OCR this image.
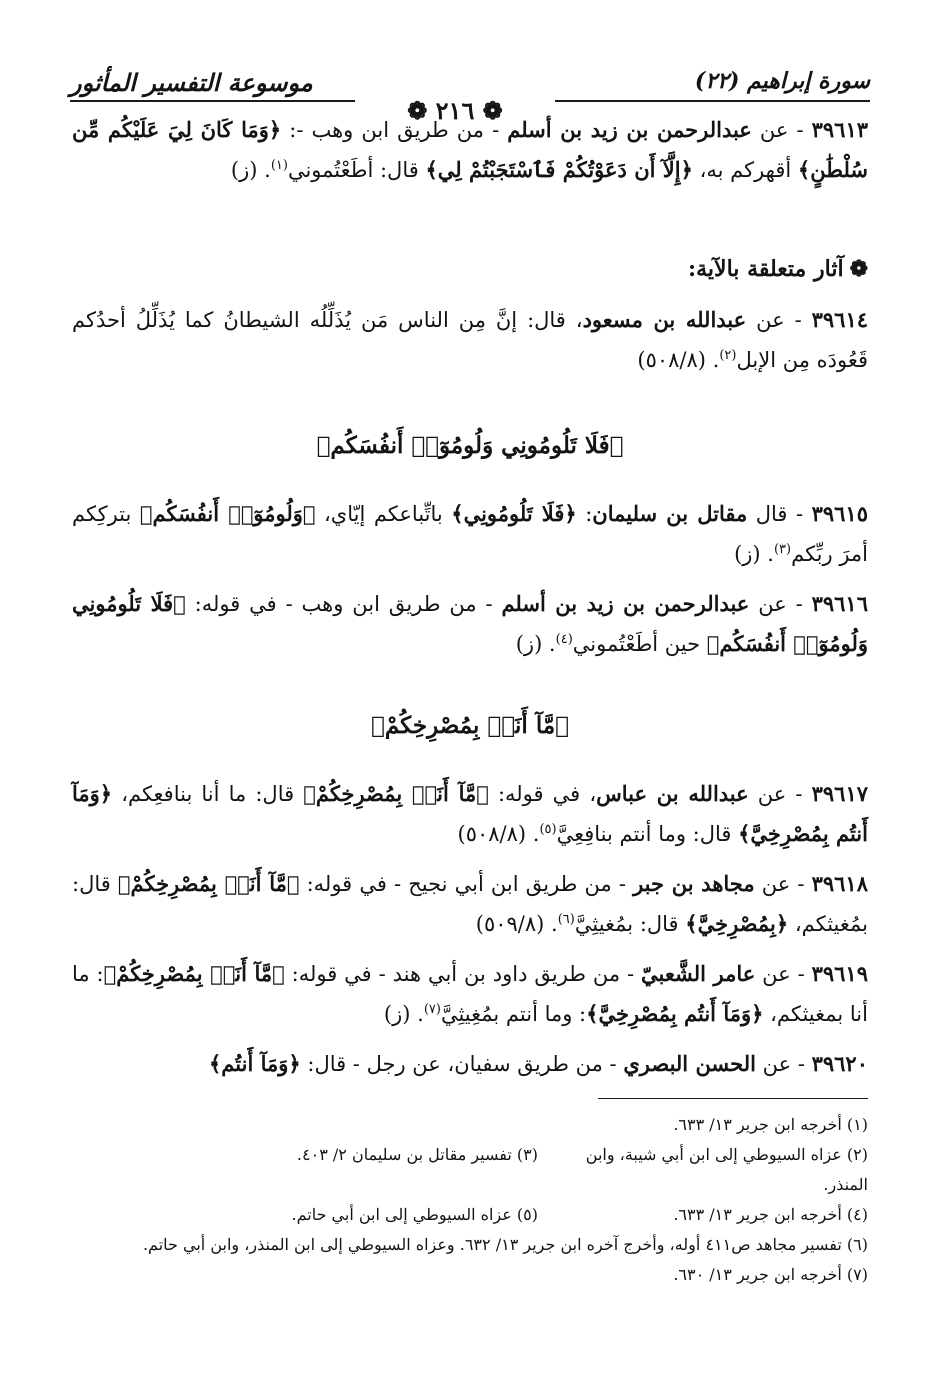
موسوعة التفسير المأثور	سورة إبراهيم (٢٢)
❁ ٢١٦ ❁

٣٩٦١٣ - عن عبدالرحمن بن زيد بن أسلم - من طريق ابن وهب -: ﴿وَمَا كَانَ لِيَ عَلَيْكُم مِّن سُلْطَٰنٍ﴾ أقهركم به، ﴿إِلَّآ أَن دَعَوْتُكُمْ فَٱسْتَجَبْتُمْ لِي﴾ قال: أطَعْتُموني$^{(١)}$. (ز)

❁آثار متعلقة بالآية:

٣٩٦١٤ - عن عبدالله بن مسعود، قال: إنَّ مِن الناس مَن يُذَلِّلُه الشيطانُ كما يُذَلِّلُ أحدُكم قَعُودَه مِن الإبل$^{(٢)}$. (٥٠٨/٨)

﴿فَلَا تَلُومُونِي وَلُومُوٓا۟ أَنفُسَكُم﴾

٣٩٦١٥ - قال مقاتل بن سليمان: ﴿فَلَا تَلُومُونِي﴾ باتِّباعكم إيّاي، ﴿وَلُومُوٓا۟ أَنفُسَكُم﴾ بتركِكم أمرَ ربِّكم$^{(٣)}$. (ز)

٣٩٦١٦ - عن عبدالرحمن بن زيد بن أسلم - من طريق ابن وهب - في قوله: ﴿فَلَا تَلُومُونِي وَلُومُوٓا۟ أَنفُسَكُم﴾ حين أطَعْتُموني$^{(٤)}$. (ز)

﴿مَّآ أَنَا۠ بِمُصْرِخِكُمْ﴾

٣٩٦١٧ - عن عبدالله بن عباس، في قوله: ﴿مَّآ أَنَا۠ بِمُصْرِخِكُمْ﴾ قال: ما أنا بنافعِكم، ﴿وَمَآ أَنتُم بِمُصْرِخِيَّ﴾ قال: وما أنتم بنافِعِيَّ$^{(٥)}$. (٥٠٨/٨)

٣٩٦١٨ - عن مجاهد بن جبر - من طريق ابن أبي نجيح - في قوله: ﴿مَّآ أَنَا۠ بِمُصْرِخِكُمْ﴾ قال: بمُغيثكم، ﴿بِمُصْرِخِيَّ﴾ قال: بمُغيثِيَّ$^{(٦)}$. (٥٠٩/٨)

٣٩٦١٩ - عن عامر الشَّعبيّ - من طريق داود بن أبي هند - في قوله: ﴿مَّآ أَنَا۠ بِمُصْرِخِكُمْ﴾: ما أنا بمغيثكم، ﴿وَمَآ أَنتُم بِمُصْرِخِيَّ﴾: وما أنتم بمُغِيثِيَّ$^{(٧)}$. (ز)

٣٩٦٢٠ - عن الحسن البصري - من طريق سفيان، عن رجل - قال: ﴿وَمَآ أَنتُم﴾

(١) أخرجه ابن جرير ١٣/ ٦٣٣.
(٢) عزاه السيوطي إلى ابن أبي شيبة، وابن المنذر.
(٣) تفسير مقاتل بن سليمان ٢/ ٤٠٣.
(٤) أخرجه ابن جرير ١٣/ ٦٣٣.
(٥) عزاه السيوطي إلى ابن أبي حاتم.
(٦) تفسير مجاهد ص٤١١ أوله، وأخرج آخره ابن جرير ١٣/ ٦٣٢. وعزاه السيوطي إلى ابن المنذر، وابن أبي حاتم.
(٧) أخرجه ابن جرير ١٣/ ٦٣٠.
